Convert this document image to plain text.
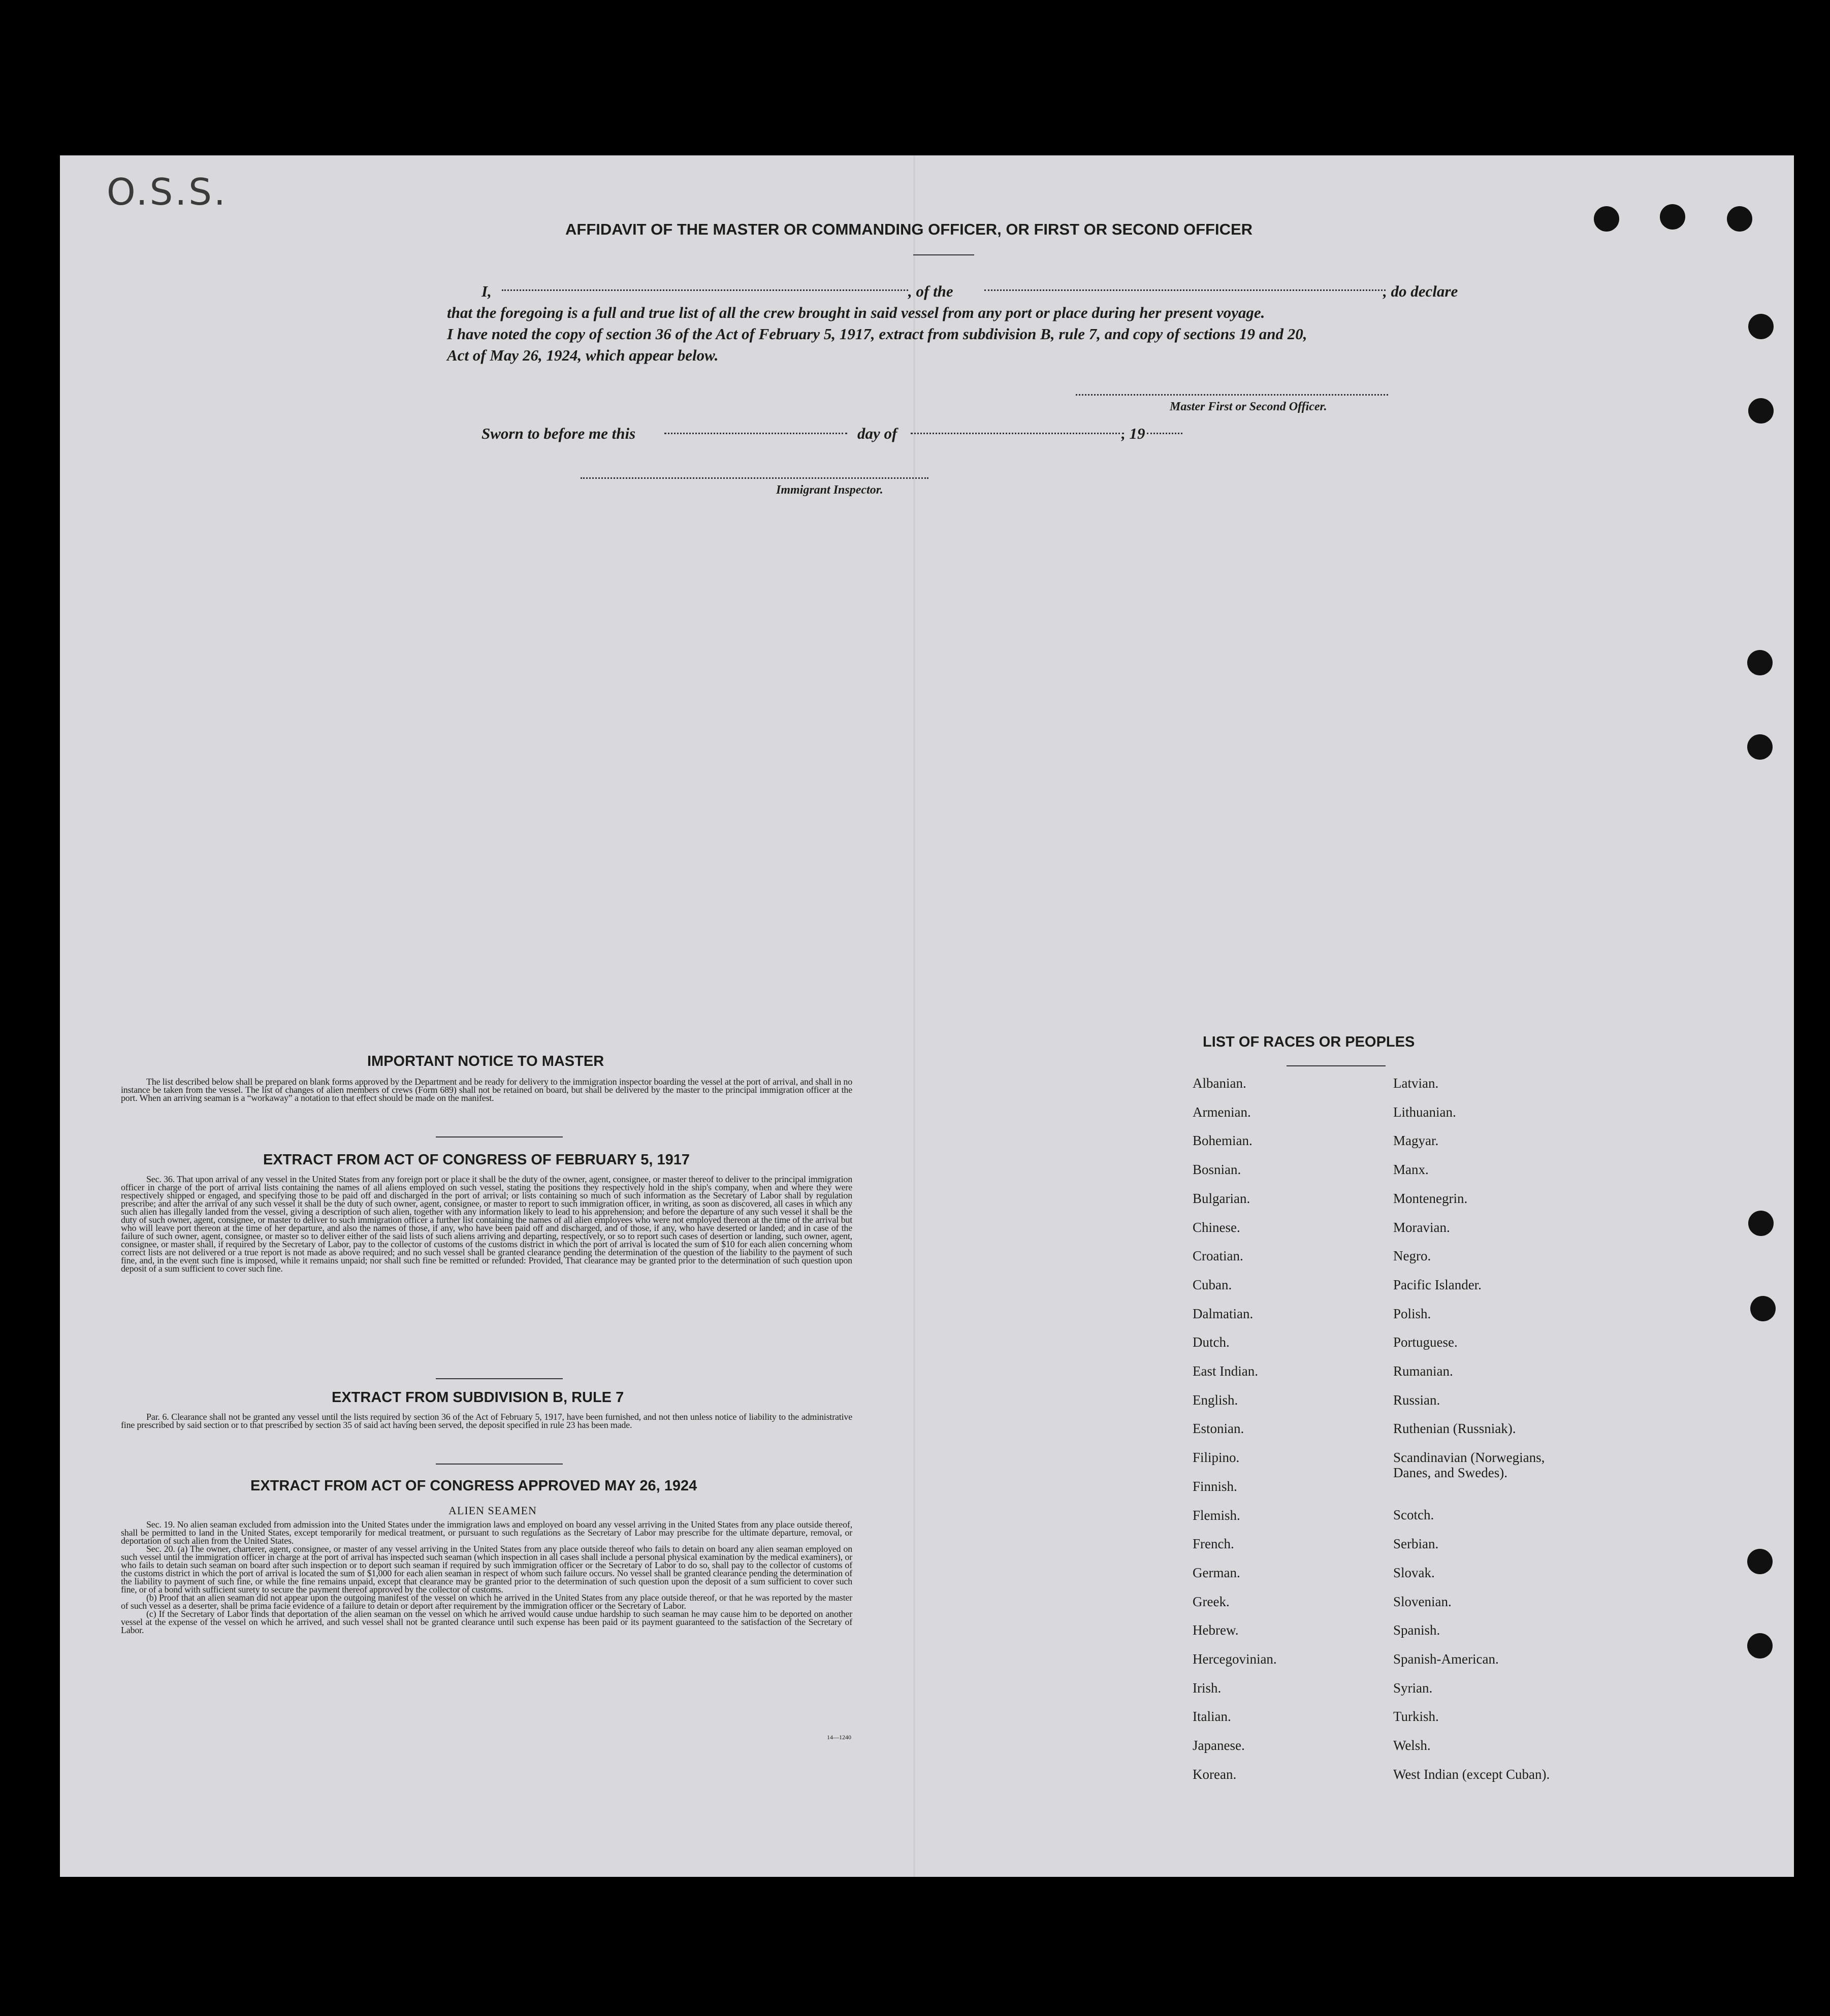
O.S.S.
AFFIDAVIT OF THE MASTER OR COMMANDING OFFICER, OR FIRST OR SECOND OFFICER
I,	, of the	, do declare
that the foregoing is a full and true list of all the crew brought in said vessel from any port or place during her present voyage.
I have noted the copy of section 36 of the Act of February 5, 1917, extract from subdivision B, rule 7, and copy of sections 19 and 20,
Act of May 26, 1924, which appear below.
Master First or Second Officer.
Sworn to before me this	day of	, 19
Immigrant Inspector.
IMPORTANT NOTICE TO MASTER
The list described below shall be prepared on blank forms approved by the Department and be ready for delivery to the immigration inspector boarding the vessel at the port of arrival, and shall in no instance be taken from the vessel. The list of changes of alien members of crews (Form 689) shall not be retained on board, but shall be delivered by the master to the principal immigration officer at the port. When an arriving seaman is a “workaway” a notation to that effect should be made on the manifest.
EXTRACT FROM ACT OF CONGRESS OF FEBRUARY 5, 1917
Sec. 36. That upon arrival of any vessel in the United States from any foreign port or place it shall be the duty of the owner, agent, consignee, or master thereof to deliver to the principal immigration officer in charge of the port of arrival lists containing the names of all aliens employed on such vessel, stating the positions they respectively hold in the ship's company, when and where they were respectively shipped or engaged, and specifying those to be paid off and discharged in the port of arrival; or lists containing so much of such information as the Secretary of Labor shall by regulation prescribe; and after the arrival of any such vessel it shall be the duty of such owner, agent, consignee, or master to report to such immigration officer, in writing, as soon as discovered, all cases in which any such alien has illegally landed from the vessel, giving a description of such alien, together with any information likely to lead to his apprehension; and before the departure of any such vessel it shall be the duty of such owner, agent, consignee, or master to deliver to such immigration officer a further list containing the names of all alien employees who were not employed thereon at the time of the arrival but who will leave port thereon at the time of her departure, and also the names of those, if any, who have been paid off and discharged, and of those, if any, who have deserted or landed; and in case of the failure of such owner, agent, consignee, or master so to deliver either of the said lists of such aliens arriving and departing, respectively, or so to report such cases of desertion or landing, such owner, agent, consignee, or master shall, if required by the Secretary of Labor, pay to the collector of customs of the customs district in which the port of arrival is located the sum of $10 for each alien concerning whom correct lists are not delivered or a true report is not made as above required; and no such vessel shall be granted clearance pending the determination of the question of the liability to the payment of such fine, and, in the event such fine is imposed, while it remains unpaid; nor shall such fine be remitted or refunded: Provided, That clearance may be granted prior to the determination of such question upon deposit of a sum sufficient to cover such fine.
EXTRACT FROM SUBDIVISION B, RULE 7
Par. 6. Clearance shall not be granted any vessel until the lists required by section 36 of the Act of February 5, 1917, have been furnished, and not then unless notice of liability to the administrative fine prescribed by said section or to that prescribed by section 35 of said act having been served, the deposit specified in rule 23 has been made.
EXTRACT FROM ACT OF CONGRESS APPROVED MAY 26, 1924
ALIEN SEAMEN

Sec. 19. No alien seaman excluded from admission into the United States under the immigration laws and employed on board any vessel arriving in the United States from any place outside thereof, shall be permitted to land in the United States, except temporarily for medical treatment, or pursuant to such regulations as the Secretary of Labor may prescribe for the ultimate departure, removal, or deportation of such alien from the United States.

Sec. 20. (a) The owner, charterer, agent, consignee, or master of any vessel arriving in the United States from any place outside thereof who fails to detain on board any alien seaman employed on such vessel until the immigration officer in charge at the port of arrival has inspected such seaman (which inspection in all cases shall include a personal physical examination by the medical examiners), or who fails to detain such seaman on board after such inspection or to deport such seaman if required by such immigration officer or the Secretary of Labor to do so, shall pay to the collector of customs of the customs district in which the port of arrival is located the sum of $1,000 for each alien seaman in respect of whom such failure occurs. No vessel shall be granted clearance pending the determination of the liability to payment of such fine, or while the fine remains unpaid, except that clearance may be granted prior to the determination of such question upon the deposit of a sum sufficient to cover such fine, or of a bond with sufficient surety to secure the payment thereof approved by the collector of customs.

(b) Proof that an alien seaman did not appear upon the outgoing manifest of the vessel on which he arrived in the United States from any place outside thereof, or that he was reported by the master of such vessel as a deserter, shall be prima facie evidence of a failure to detain or deport after requirement by the immigration officer or the Secretary of Labor.

(c) If the Secretary of Labor finds that deportation of the alien seaman on the vessel on which he arrived would cause undue hardship to such seaman he may cause him to be deported on another vessel at the expense of the vessel on which he arrived, and such vessel shall not be granted clearance until such expense has been paid or its payment guaranteed to the satisfaction of the Secretary of Labor.

14—1240
LIST OF RACES OR PEOPLES
Albanian.
Armenian.
Bohemian.
Bosnian.
Bulgarian.
Chinese.
Croatian.
Cuban.
Dalmatian.
Dutch.
East Indian.
English.
Estonian.
Filipino.
Finnish.
Flemish.
French.
German.
Greek.
Hebrew.
Hercegovinian.
Irish.
Italian.
Japanese.
Korean.
Latvian.
Lithuanian.
Magyar.
Manx.
Montenegrin.
Moravian.
Negro.
Pacific Islander.
Polish.
Portuguese.
Rumanian.
Russian.
Ruthenian (Russniak).
Scandinavian (Norwegians,
Danes, and Swedes).
Scotch.
Serbian.
Slovak.
Slovenian.
Spanish.
Spanish-American.
Syrian.
Turkish.
Welsh.
West Indian (except Cuban).
